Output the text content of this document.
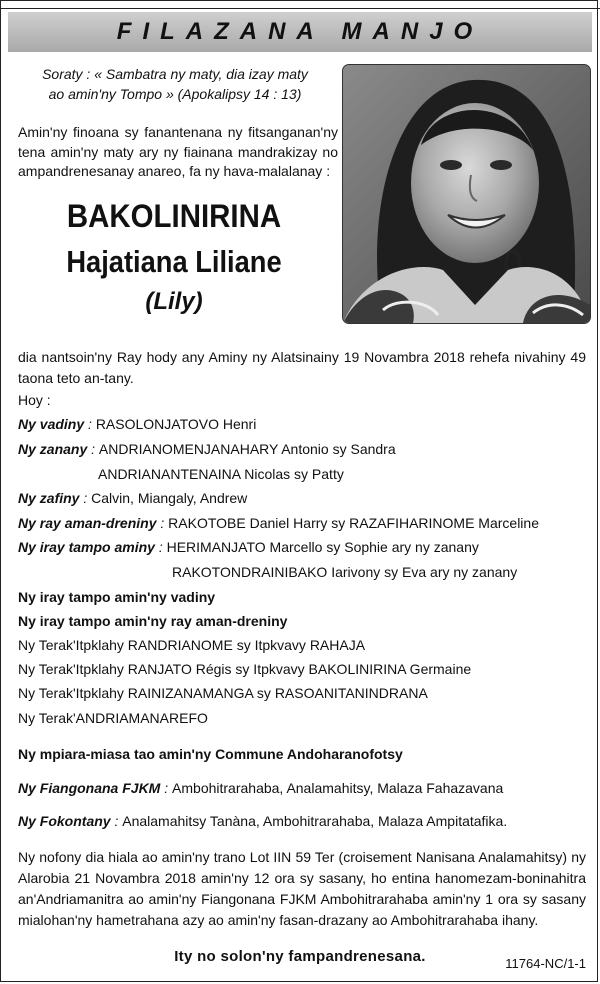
FILAZANA MANJO
Soraty : « Sambatra ny maty, dia izay maty
ao amin'ny Tompo » (Apokalipsy 14 : 13)
Amin'ny finoana sy fanantenana ny fitsanganan'ny tena amin'ny maty ary ny fiainana mandrakizay no ampandrenesanay anareo, fa ny hava-malalanay :
BAKOLINIRINA
Hajatiana Liliane
(Lily)
dia nantsoin'ny Ray hody any Aminy ny Alatsinainy 19 Novambra 2018 rehefa nivahiny 49 taona teto an-tany.
Hoy :
Ny vadiny : RASOLONJATOVO Henri
Ny zanany : ANDRIANOMENJANAHARY Antonio sy Sandra
ANDRIANANTENAINA Nicolas sy Patty
Ny zafiny : Calvin, Miangaly, Andrew
Ny ray aman-dreniny : RAKOTOBE Daniel Harry sy RAZAFIHARINOME Marceline
Ny iray tampo aminy : HERIMANJATO Marcello sy Sophie ary ny zanany
RAKOTONDRAINIBAKO Iarivony sy Eva ary ny zanany
Ny iray tampo amin'ny vadiny
Ny iray tampo amin'ny ray aman-dreniny
Ny Terak'Itpklahy RANDRIANOME sy Itpkvavy RAHAJA
Ny Terak'Itpklahy RANJATO Régis sy Itpkvavy BAKOLINIRINA Germaine
Ny Terak'Itpklahy RAINIZANAMANGA sy RASOANITANINDRANA
Ny Terak'ANDRIAMANAREFO
Ny mpiara-miasa tao amin'ny Commune Andoharanofotsy
Ny Fiangonana FJKM : Ambohitrarahaba, Analamahitsy, Malaza Fahazavana
Ny Fokontany : Analamahitsy Tanàna, Ambohitrarahaba, Malaza Ampitatafika.
Ny nofony dia hiala ao amin'ny trano Lot IIN 59 Ter (croisement Nanisana Analamahitsy) ny Alarobia 21 Novambra 2018 amin'ny 12 ora sy sasany, ho entina hanomezam-boninahitra an'Andriamanitra ao amin'ny Fiangonana FJKM Ambohitrarahaba amin'ny 1 ora sy sasany mialohan'ny hametrahana azy ao amin'ny fasan-drazany ao Ambohitrarahaba ihany.
Ity no solon'ny fampandrenesana.	11764-NC/1-1
